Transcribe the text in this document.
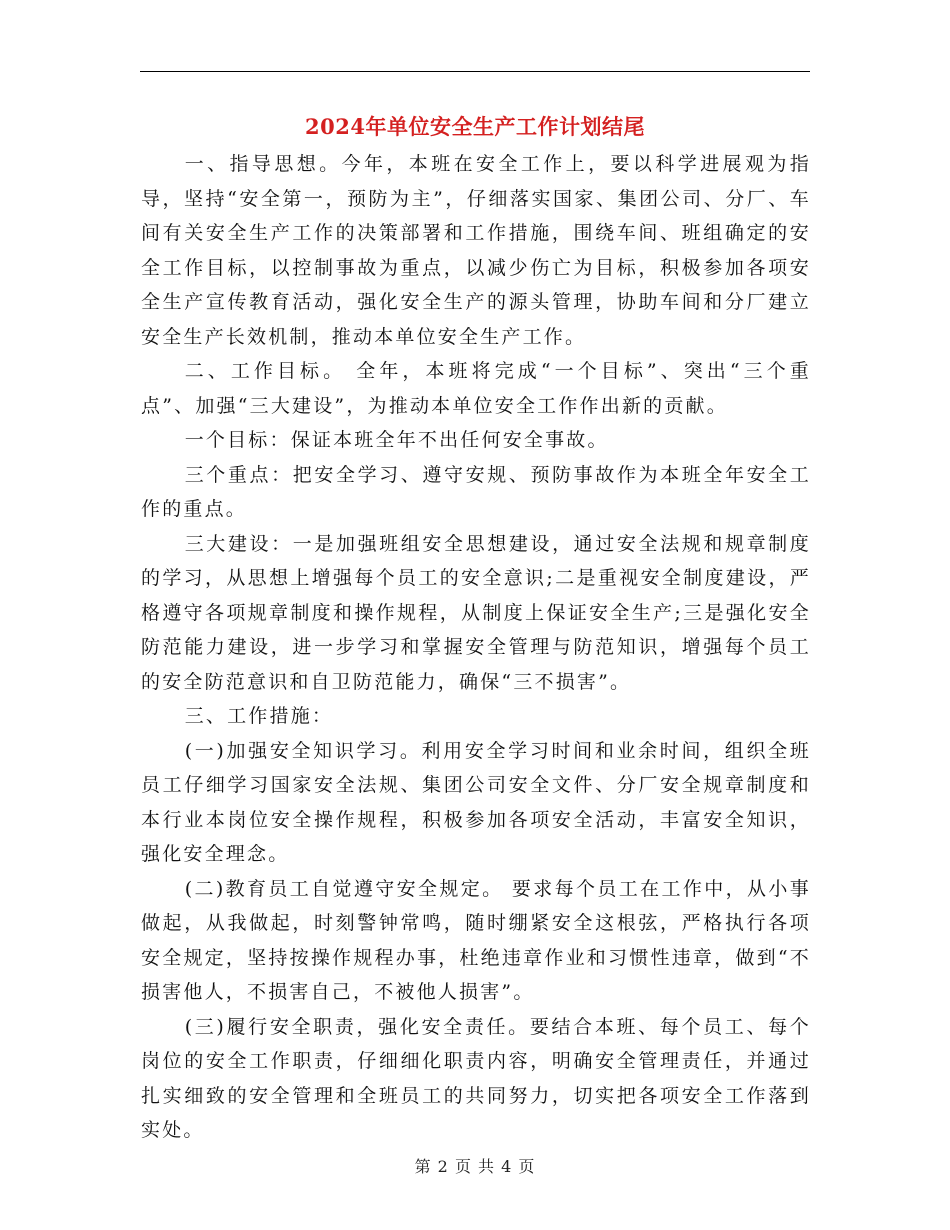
2024年单位安全生产工作计划结尾

一、指导思想。今年，本班在安全工作上，要以科学进展观为指导，坚持“安全第一，预防为主”，仔细落实国家、集团公司、分厂、车间有关安全生产工作的决策部署和工作措施，围绕车间、班组确定的安全工作目标，以控制事故为重点，以减少伤亡为目标，积极参加各项安全生产宣传教育活动，强化安全生产的源头管理，协助车间和分厂建立安全生产长效机制，推动本单位安全生产工作。

二、工作目标。 全年，本班将完成“一个目标”、突出“三个重点”、加强“三大建设”，为推动本单位安全工作作出新的贡献。

一个目标：保证本班全年不出任何安全事故。

三个重点：把安全学习、遵守安规、预防事故作为本班全年安全工作的重点。

三大建设：一是加强班组安全思想建设，通过安全法规和规章制度的学习，从思想上增强每个员工的安全意识;二是重视安全制度建设，严格遵守各项规章制度和操作规程，从制度上保证安全生产;三是强化安全防范能力建设，进一步学习和掌握安全管理与防范知识，增强每个员工的安全防范意识和自卫防范能力，确保“三不损害”。

三、工作措施：

(一)加强安全知识学习。利用安全学习时间和业余时间，组织全班员工仔细学习国家安全法规、集团公司安全文件、分厂安全规章制度和本行业本岗位安全操作规程，积极参加各项安全活动，丰富安全知识，强化安全理念。

(二)教育员工自觉遵守安全规定。 要求每个员工在工作中，从小事做起，从我做起，时刻警钟常鸣，随时绷紧安全这根弦，严格执行各项安全规定，坚持按操作规程办事，杜绝违章作业和习惯性违章，做到“不损害他人，不损害自己，不被他人损害”。

(三)履行安全职责，强化安全责任。要结合本班、每个员工、每个岗位的安全工作职责，仔细细化职责内容，明确安全管理责任，并通过扎实细致的安全管理和全班员工的共同努力，切实把各项安全工作落到实处。

第 2 页 共 4 页
